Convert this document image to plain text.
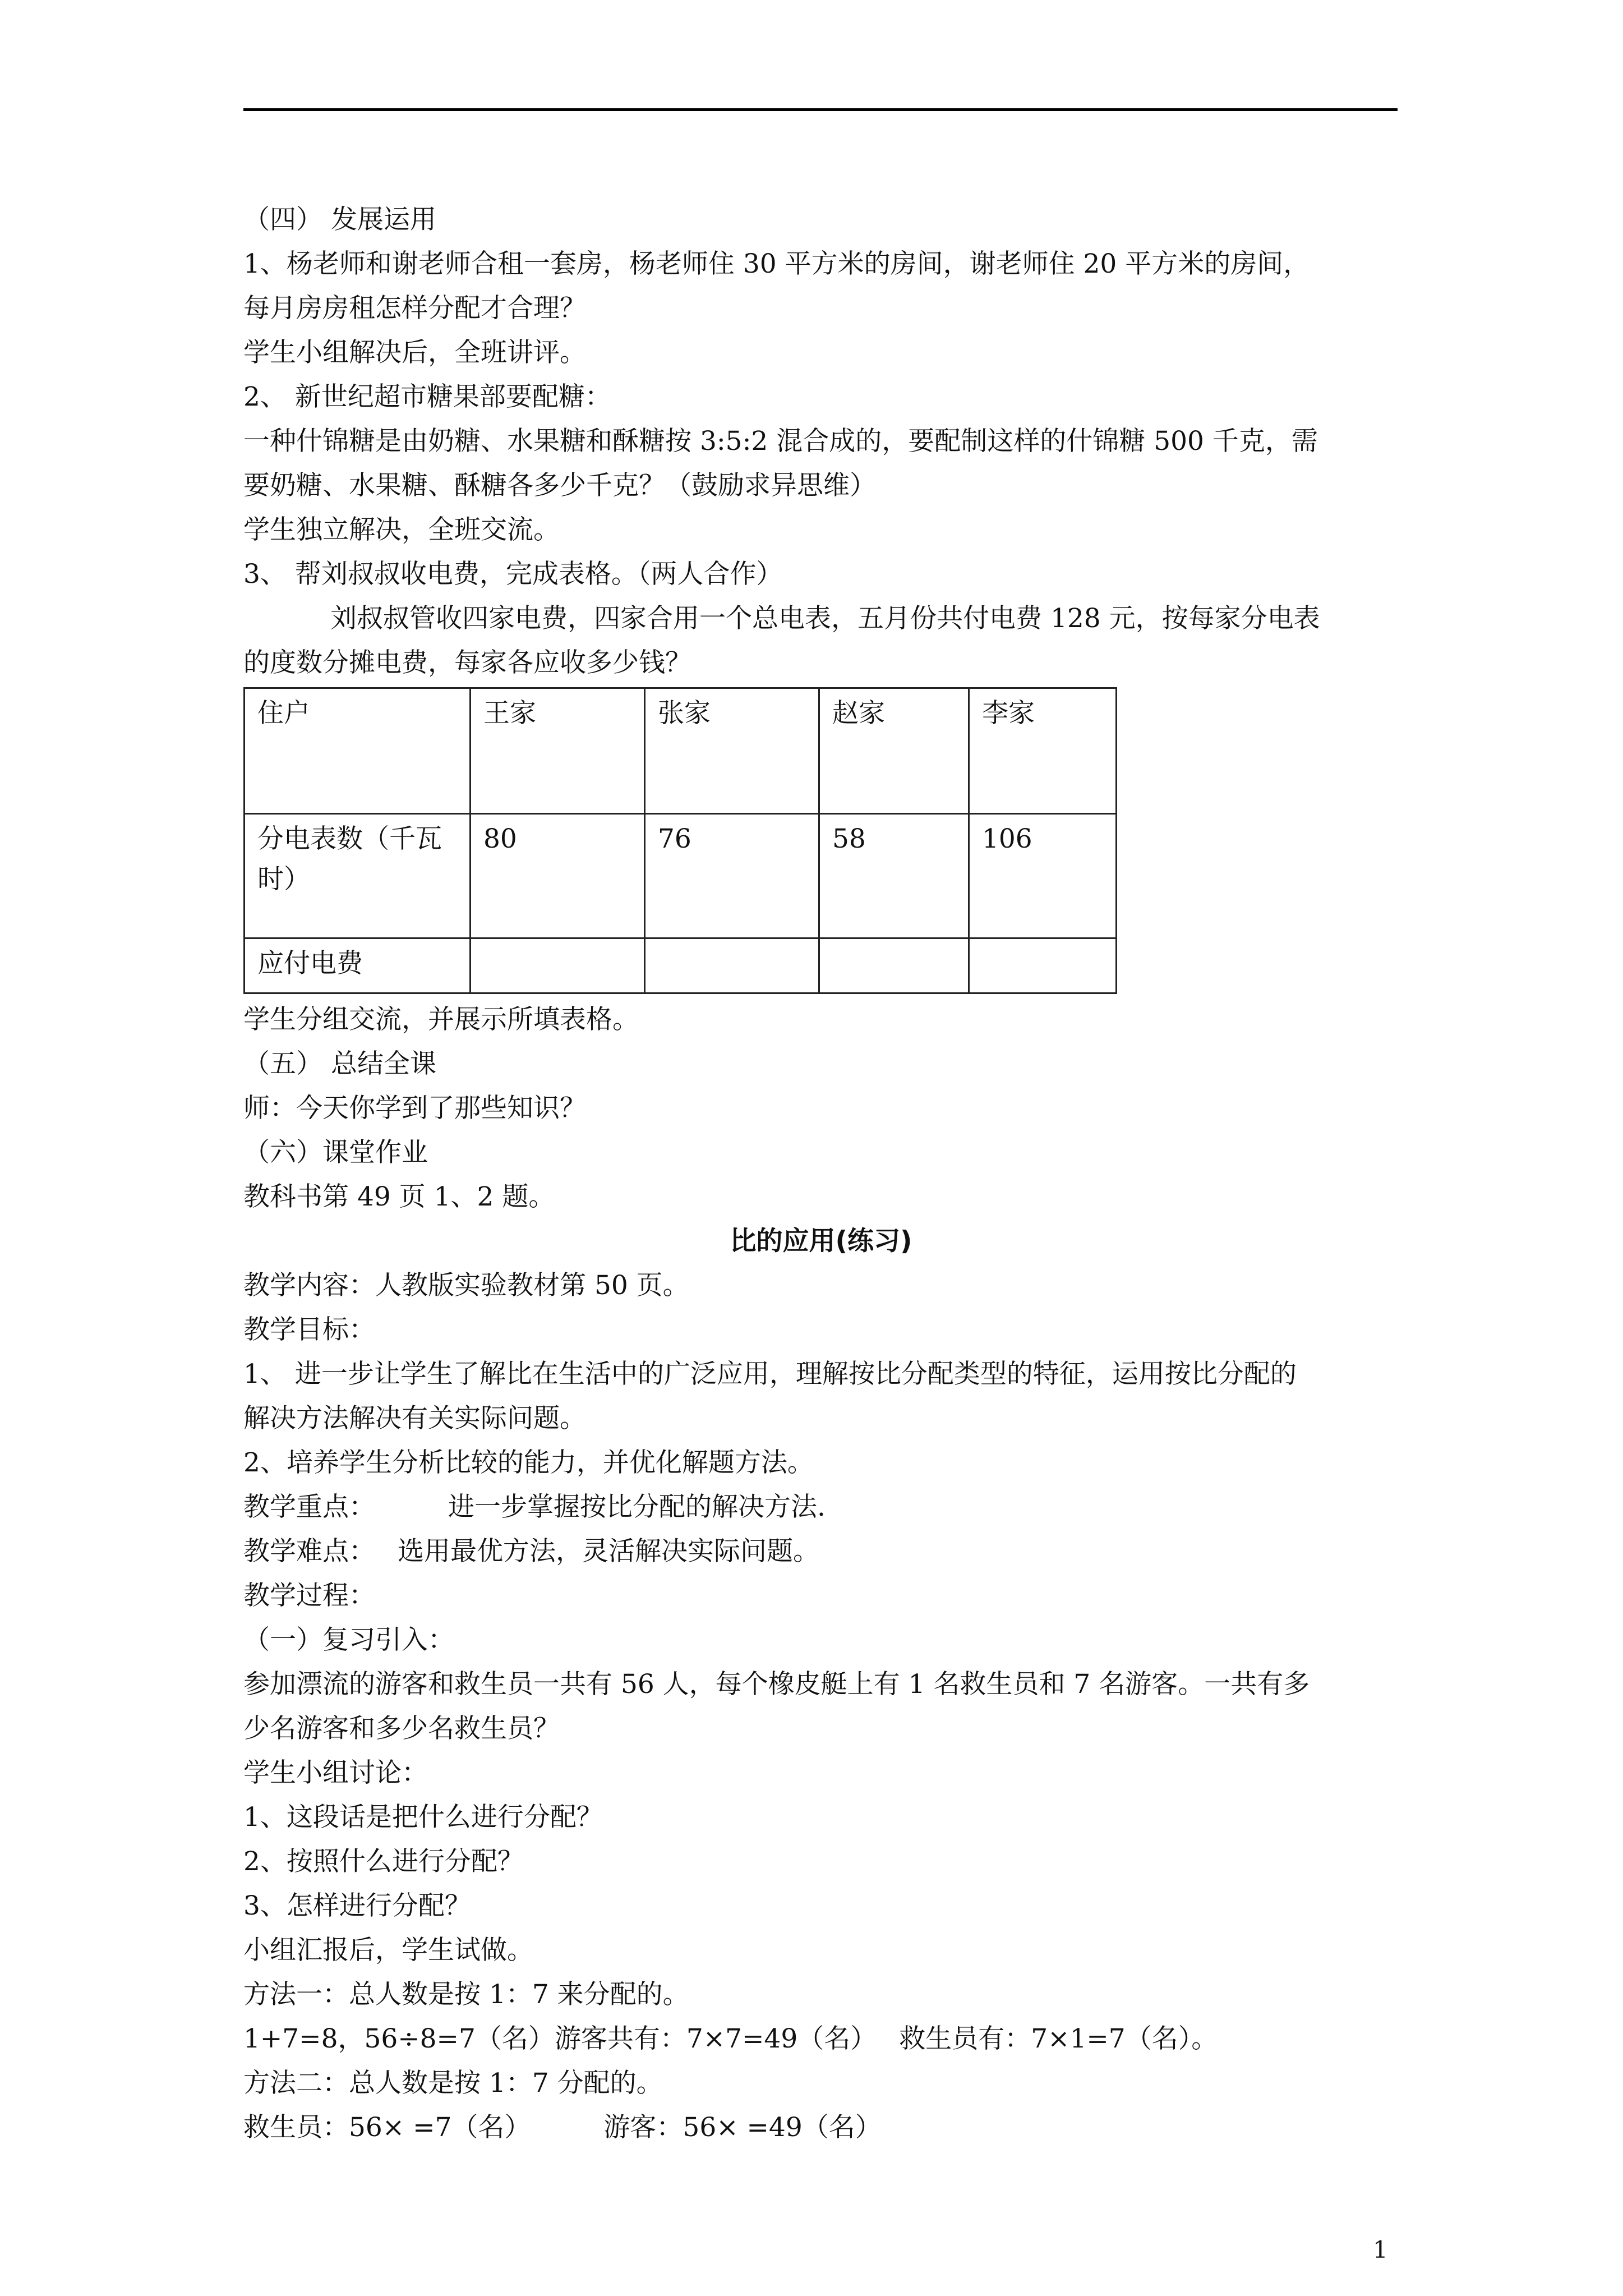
（四） 发展运用
1、杨老师和谢老师合租一套房，杨老师住 30 平方米的房间，谢老师住 20 平方米的房间，
每月房房租怎样分配才合理？
学生小组解决后，全班讲评。
2、 新世纪超市糖果部要配糖：
一种什锦糖是由奶糖、水果糖和酥糖按 3:5:2 混合成的，要配制这样的什锦糖 500 千克，需
要奶糖、水果糖、酥糖各多少千克？（鼓励求异思维）
学生独立解决，全班交流。
3、 帮刘叔叔收电费，完成表格。（两人合作）
刘叔叔管收四家电费，四家合用一个总电表，五月份共付电费 128 元，按每家分电表
的度数分摊电费，每家各应收多少钱？
住户	王家	张家	赵家	李家
分电表数（千瓦时）	80	76	58	106
应付电费				
学生分组交流，并展示所填表格。
（五） 总结全课
师：今天你学到了那些知识？
（六）课堂作业
教科书第 49 页 1、2 题。
比的应用(练习)
教学内容：人教版实验教材第 50 页。
教学目标：
1、 进一步让学生了解比在生活中的广泛应用，理解按比分配类型的特征，运用按比分配的
解决方法解决有关实际问题。
2、培养学生分析比较的能力，并优化解题方法。
教学重点：	进一步掌握按比分配的解决方法.
教学难点： 选用最优方法，灵活解决实际问题。
教学过程：
（一）复习引入：
参加漂流的游客和救生员一共有 56 人，每个橡皮艇上有 1 名救生员和 7 名游客。一共有多
少名游客和多少名救生员？
学生小组讨论：
1、这段话是把什么进行分配？
2、按照什么进行分配？
3、怎样进行分配？
小组汇报后，学生试做。
方法一：总人数是按 1：7 来分配的。
1+7=8，56÷8=7（名）游客共有：7×7=49（名） 救生员有：7×1=7（名）。
方法二：总人数是按 1：7 分配的。
救生员：56× =7（名）	游客：56× =49（名）
1
